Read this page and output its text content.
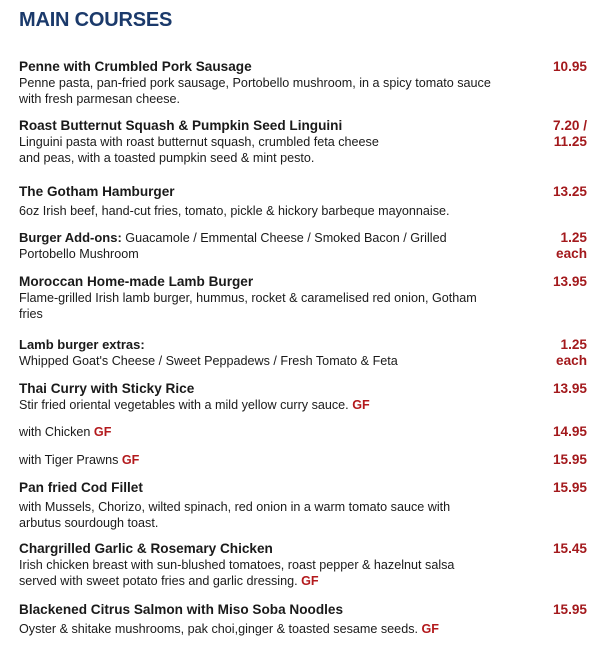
MAIN COURSES
Penne with Crumbled Pork Sausage
Penne pasta, pan-fried pork sausage, Portobello mushroom, in a spicy tomato sauce
with fresh parmesan cheese.
10.95
Roast Butternut Squash & Pumpkin Seed Linguini
Linguini pasta with roast butternut squash, crumbled feta cheese
and peas, with a toasted pumpkin seed & mint pesto.
7.20 /
11.25
The Gotham Hamburger
6oz Irish beef, hand-cut fries, tomato, pickle & hickory barbeque mayonnaise.
13.25
Burger Add-ons: Guacamole / Emmental Cheese / Smoked Bacon / Grilled
Portobello Mushroom
1.25
each
Moroccan Home-made Lamb Burger
Flame-grilled Irish lamb burger, hummus, rocket & caramelised red onion, Gotham
fries
13.95
Lamb burger extras:
Whipped Goat's Cheese / Sweet Peppadews / Fresh Tomato & Feta
1.25
each
Thai Curry with Sticky Rice
Stir fried oriental vegetables with a mild yellow curry sauce. GF
13.95
with Chicken GF	14.95
with Tiger Prawns GF	15.95
Pan fried Cod Fillet
with Mussels, Chorizo, wilted spinach, red onion in a warm tomato sauce with
arbutus sourdough toast.
15.95
Chargrilled Garlic & Rosemary Chicken
Irish chicken breast with sun-blushed tomatoes, roast pepper & hazelnut salsa
served with sweet potato fries and garlic dressing. GF
15.45
Blackened Citrus Salmon with Miso Soba Noodles
Oyster & shitake mushrooms, pak choi,ginger & toasted sesame seeds. GF
15.95
